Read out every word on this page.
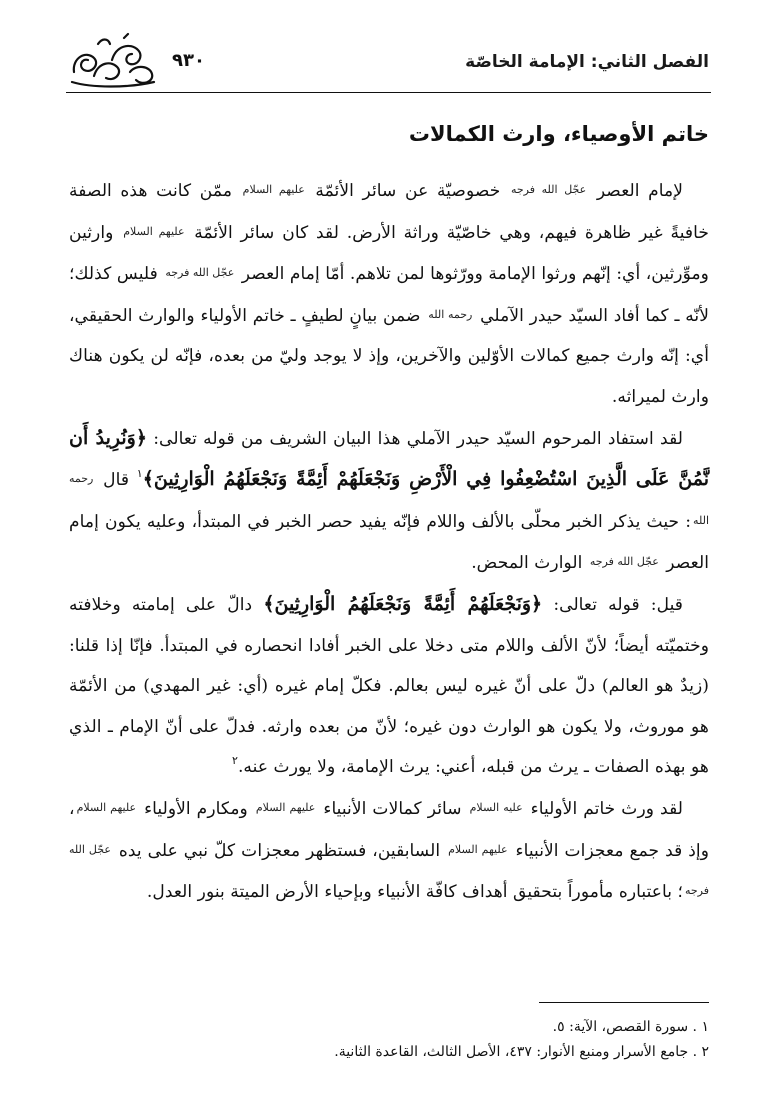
الفصل الثاني: الإمامة الخاصّة
٩٣٠
خاتم الأوصياء، وارث الكمالات

لإمام العصر عجّل الله فرجه خصوصيّة عن سائر الأئمّة عليهم السلام ممّن كانت هذه الصفة خافيةً غير ظاهرة فيهم، وهي خاصّيّة وراثة الأرض. لقد كان سائر الأئمّة عليهم السلام وارثين وموِّرثين، أي: إنّهم ورثوا الإمامة وورّثوها لمن تلاهم. أمّا إمام العصر عجّل الله فرجه فليس كذلك؛ لأنّه ـ كما أفاد السيّد حيدر الآملي رحمه الله ضمن بيانٍ لطيفٍ ـ خاتم الأولياء والوارث الحقيقي، أي: إنّه وارث جميع كمالات الأوّلين والآخرين، وإذ لا يوجد وليّ من بعده، فإنّه لن يكون هناك وارث لميراثه.

لقد استفاد المرحوم السيّد حيدر الآملي هذا البيان الشريف من قوله تعالى: ﴿وَنُرِيدُ أَن نَّمُنَّ عَلَى الَّذِينَ اسْتُضْعِفُوا فِي الْأَرْضِ وَنَجْعَلَهُمْ أَئِمَّةً وَنَجْعَلَهُمُ الْوَارِثِينَ﴾$^١$ قال رحمه الله: حيث يذكر الخبر محلّى بالألف واللام فإنّه يفيد حصر الخبر في المبتدأ، وعليه يكون إمام العصر عجّل الله فرجه الوارث المحض.

قيل: قوله تعالى: ﴿وَنَجْعَلَهُمْ أَئِمَّةً وَنَجْعَلَهُمُ الْوَارِثِينَ﴾ دالّ على إمامته وخلافته وختميّته أيضاً؛ لأنّ الألف واللام متى دخلا على الخبر أفادا انحصاره في المبتدأ. فإنّا إذا قلنا: (زيدٌ هو العالم) دلّ على أنّ غيره ليس بعالم. فكلّ إمام غيره (أي: غير المهدي) من الأئمّة هو موروث، ولا يكون هو الوارث دون غيره؛ لأنّ من بعده وارثه. فدلّ على أنّ الإمام ـ الذي هو بهذه الصفات ـ يرث من قبله، أعني: يرث الإمامة، ولا يورث عنه.$^٢$

لقد ورث خاتم الأولياء عليه السلام سائر كمالات الأنبياء عليهم السلام ومكارم الأولياء عليهم السلام، وإذ قد جمع معجزات الأنبياء عليهم السلام السابقين، فستظهر معجزات كلّ نبي على يده عجّل الله فرجه؛ باعتباره مأموراً بتحقيق أهداف كافّة الأنبياء وبإحياء الأرض الميتة بنور العدل.

١ . سورة القصص، الآية: ٥.

٢ . جامع الأسرار ومنبع الأنوار: ٤٣٧، الأصل الثالث، القاعدة الثانية.
